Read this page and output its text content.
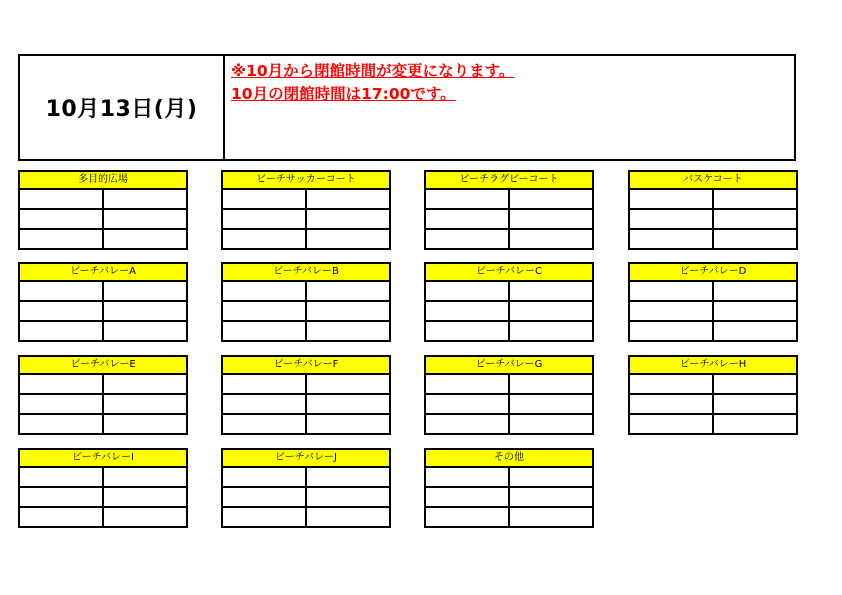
10月13日(月)
※10月から閉館時間が変更になります。
10月の閉館時間は17:00です。
多目的広場	ビーチサッカーコート	ビーチラグビーコート	バスケコート
ビーチバレーA	ビーチバレーB	ビーチバレーC	ビーチバレーD
ビーチバレーE	ビーチバレーF	ビーチバレーG	ビーチバレーH
ビーチバレーI	ビーチバレーJ	その他
